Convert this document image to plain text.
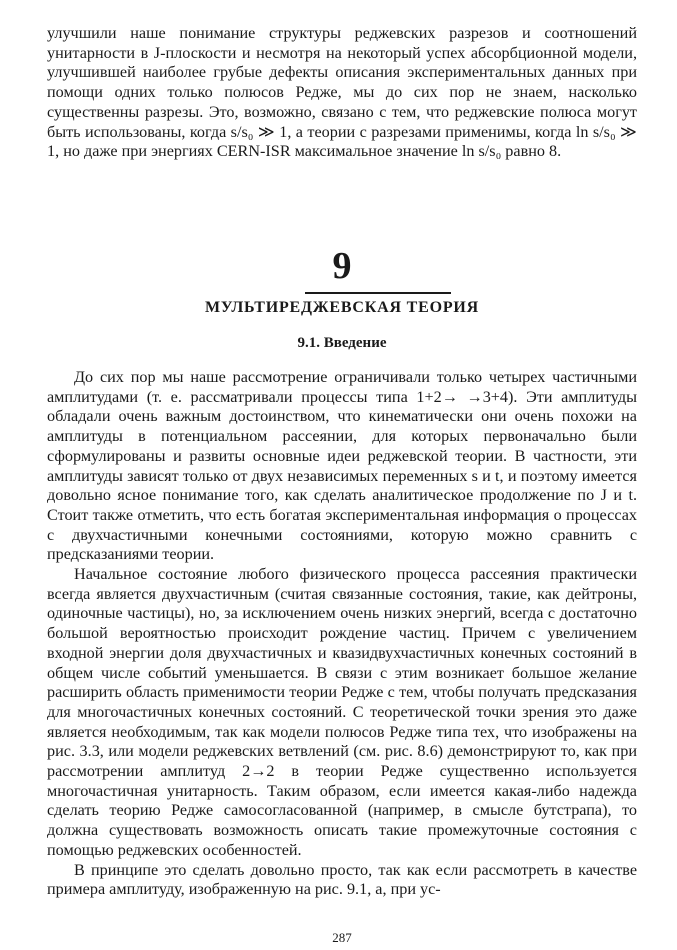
улучшили наше понимание структуры реджевских разрезов и соотношений унитарности в J-плоскости и несмотря на некоторый успех абсорбционной модели, улучшившей наиболее грубые дефекты описания экспериментальных данных при помощи одних только полюсов Редже, мы до сих пор не знаем, насколько существенны разрезы. Это, возможно, связано с тем, что реджевские полюса могут быть использованы, когда s/s₀ ≫ 1, а теории с разрезами применимы, когда ln s/s₀ ≫ 1, но даже при энергиях CERN-ISR максимальное значение ln s/s₀ равно 8.

9
МУЛЬТИРЕДЖЕВСКАЯ ТЕОРИЯ
9.1. Введение

До сих пор мы наше рассмотрение ограничивали только четырех частичными амплитудами (т. е. рассматривали процессы типа 1+2→ →3+4). Эти амплитуды обладали очень важным достоинством, что кинематически они очень похожи на амплитуды в потенциальном рассеянии, для которых первоначально были сформулированы и развиты основные идеи реджевской теории. В частности, эти амплитуды зависят только от двух независимых переменных s и t, и поэтому имеется довольно ясное понимание того, как сделать аналитическое продолжение по J и t. Стоит также отметить, что есть богатая экспериментальная информация о процессах с двухчастичными конечными состояниями, которую можно сравнить с предсказаниями теории.

Начальное состояние любого физического процесса рассеяния практически всегда является двухчастичным (считая связанные состояния, такие, как дейтроны, одиночные частицы), но, за исключением очень низких энергий, всегда с достаточно большой вероятностью происходит рождение частиц. Причем с увеличением входной энергии доля двухчастичных и квазидвухчастичных конечных состояний в общем числе событий уменьшается. В связи с этим возникает большое желание расширить область применимости теории Редже с тем, чтобы получать предсказания для многочастичных конечных состояний. С теоретической точки зрения это даже является необходимым, так как модели полюсов Редже типа тех, что изображены на рис. 3.3, или модели реджевских ветвлений (см. рис. 8.6) демонстрируют то, как при рассмотрении амплитуд 2→2 в теории Редже существенно используется многочастичная унитарность. Таким образом, если имеется какая-либо надежда сделать теорию Редже самосогласованной (например, в смысле бутстрапа), то должна существовать возможность описать такие промежуточные состояния с помощью реджевских особенностей.

В принципе это сделать довольно просто, так как если рассмотреть в качестве примера амплитуду, изображенную на рис. 9.1, a, при ус-

287
